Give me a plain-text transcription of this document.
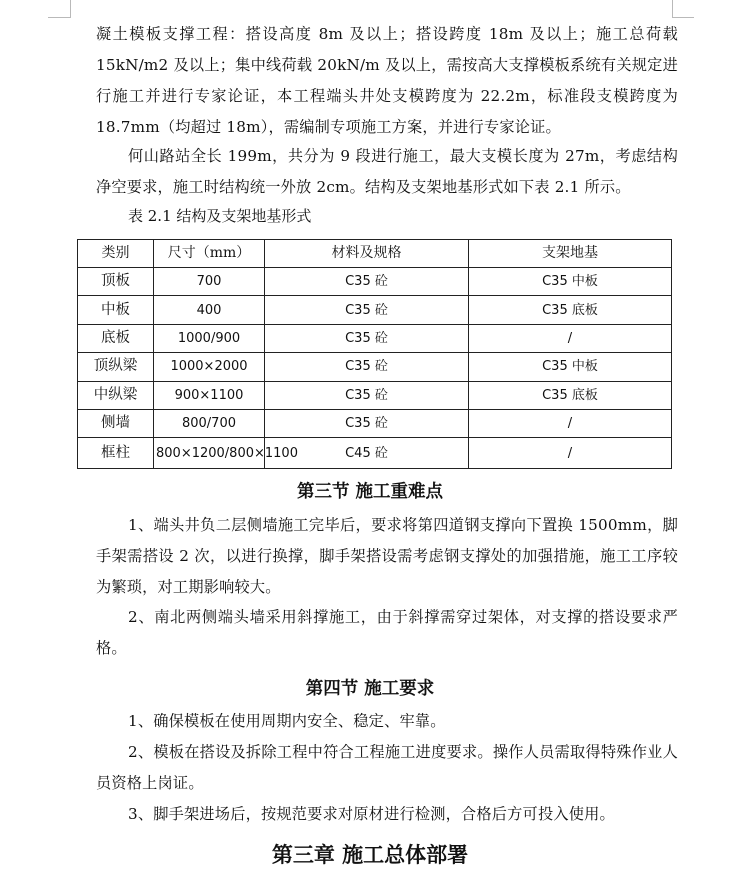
凝土模板支撑工程：搭设高度 8m 及以上；搭设跨度 18m 及以上；施工总荷载 15kN/m2 及以上；集中线荷载 20kN/m 及以上，需按高大支撑模板系统有关规定进行施工并进行专家论证，本工程端头井处支模跨度为 22.2m，标准段支模跨度为 18.7mm（均超过 18m），需编制专项施工方案，并进行专家论证。

何山路站全长 199m，共分为 9 段进行施工，最大支模长度为 27m，考虑结构净空要求，施工时结构统一外放 2cm。结构及支架地基形式如下表 2.1 所示。

表 2.1 结构及支架地基形式
类别	尺寸（mm）	材料及规格	支架地基
顶板	700	C35 砼	C35 中板
中板	400	C35 砼	C35 底板
底板	1000/900	C35 砼	/
顶纵梁	1000×2000	C35 砼	C35 中板
中纵梁	900×1100	C35 砼	C35 底板
侧墙	800/700	C35 砼	/
框柱	800×1200/800×1100	C45 砼	/
第三节 施工重难点

1、端头井负二层侧墙施工完毕后，要求将第四道钢支撑向下置换 1500mm，脚手架需搭设 2 次，以进行换撑，脚手架搭设需考虑钢支撑处的加强措施，施工工序较为繁琐，对工期影响较大。

2、南北两侧端头墙采用斜撑施工，由于斜撑需穿过架体，对支撑的搭设要求严格。

第四节 施工要求

1、确保模板在使用周期内安全、稳定、牢靠。

2、模板在搭设及拆除工程中符合工程施工进度要求。操作人员需取得特殊作业人员资格上岗证。

3、脚手架进场后，按规范要求对原材进行检测，合格后方可投入使用。

第三章 施工总体部署
